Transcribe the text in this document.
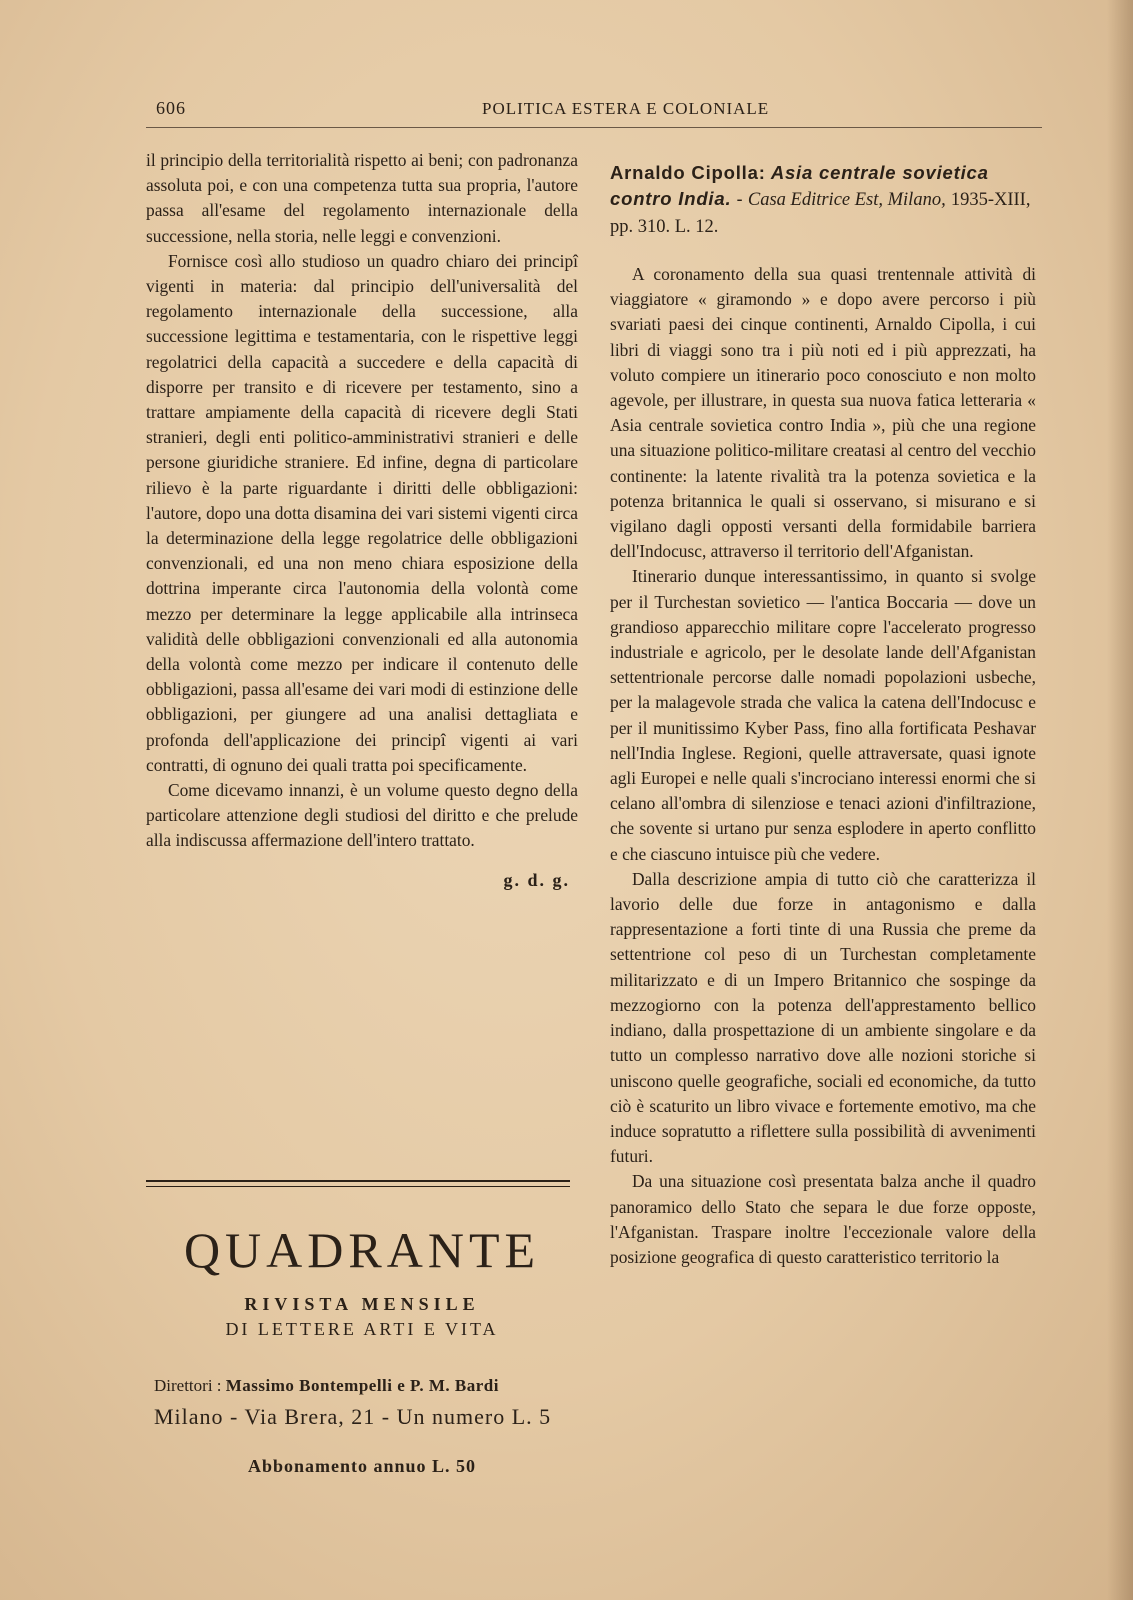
606	POLITICA ESTERA E COLONIALE

il principio della territorialità rispetto ai beni; con padronanza assoluta poi, e con una competenza tutta sua propria, l'autore passa all'esame del regolamento internazionale della successione, nella storia, nelle leggi e convenzioni.

Fornisce così allo studioso un quadro chiaro dei principî vigenti in materia: dal principio dell'universalità del regolamento internazionale della successione, alla successione legittima e testamentaria, con le rispettive leggi regolatrici della capacità a succedere e della capacità di disporre per transito e di ricevere per testamento, sino a trattare ampiamente della capacità di ricevere degli Stati stranieri, degli enti politico-amministrativi stranieri e delle persone giuridiche straniere. Ed infine, degna di particolare rilievo è la parte riguardante i diritti delle obbligazioni: l'autore, dopo una dotta disamina dei vari sistemi vigenti circa la determinazione della legge regolatrice delle obbligazioni convenzionali, ed una non meno chiara esposizione della dottrina imperante circa l'autonomia della volontà come mezzo per determinare la legge applicabile alla intrinseca validità delle obbligazioni convenzionali ed alla autonomia della volontà come mezzo per indicare il contenuto delle obbligazioni, passa all'esame dei vari modi di estinzione delle obbligazioni, per giungere ad una analisi dettagliata e profonda dell'applicazione dei principî vigenti ai vari contratti, di ognuno dei quali tratta poi specificamente.

Come dicevamo innanzi, è un volume questo degno della particolare attenzione degli studiosi del diritto e che prelude alla indiscussa affermazione dell'intero trattato.

g. d. g.
QUADRANTE
RIVISTA MENSILE
DI LETTERE ARTI E VITA
Direttori : Massimo Bontempelli e P. M. Bardi
Milano - Via Brera, 21 - Un numero L. 5
Abbonamento annuo L. 50
Arnaldo Cipolla: Asia centrale sovietica contro India. - Casa Editrice Est, Milano, 1935-XIII, pp. 310. L. 12.

A coronamento della sua quasi trentennale attività di viaggiatore « giramondo » e dopo avere percorso i più svariati paesi dei cinque continenti, Arnaldo Cipolla, i cui libri di viaggi sono tra i più noti ed i più apprezzati, ha voluto compiere un itinerario poco conosciuto e non molto agevole, per illustrare, in questa sua nuova fatica letteraria « Asia centrale sovietica contro India », più che una regione una situazione politico-militare creatasi al centro del vecchio continente: la latente rivalità tra la potenza sovietica e la potenza britannica le quali si osservano, si misurano e si vigilano dagli opposti versanti della formidabile barriera dell'Indocusc, attraverso il territorio dell'Afganistan.

Itinerario dunque interessantissimo, in quanto si svolge per il Turchestan sovietico — l'antica Boccaria — dove un grandioso apparecchio militare copre l'accelerato progresso industriale e agricolo, per le desolate lande dell'Afganistan settentrionale percorse dalle nomadi popolazioni usbeche, per la malagevole strada che valica la catena dell'Indocusc e per il munitissimo Kyber Pass, fino alla fortificata Peshavar nell'India Inglese. Regioni, quelle attraversate, quasi ignote agli Europei e nelle quali s'incrociano interessi enormi che si celano all'ombra di silenziose e tenaci azioni d'infiltrazione, che sovente si urtano pur senza esplodere in aperto conflitto e che ciascuno intuisce più che vedere.

Dalla descrizione ampia di tutto ciò che caratterizza il lavorio delle due forze in antagonismo e dalla rappresentazione a forti tinte di una Russia che preme da settentrione col peso di un Turchestan completamente militarizzato e di un Impero Britannico che sospinge da mezzogiorno con la potenza dell'apprestamento bellico indiano, dalla prospettazione di un ambiente singolare e da tutto un complesso narrativo dove alle nozioni storiche si uniscono quelle geografiche, sociali ed economiche, da tutto ciò è scaturito un libro vivace e fortemente emotivo, ma che induce sopratutto a riflettere sulla possibilità di avvenimenti futuri.

Da una situazione così presentata balza anche il quadro panoramico dello Stato che separa le due forze opposte, l'Afganistan. Traspare inoltre l'eccezionale valore della posizione geografica di questo caratteristico territorio la
